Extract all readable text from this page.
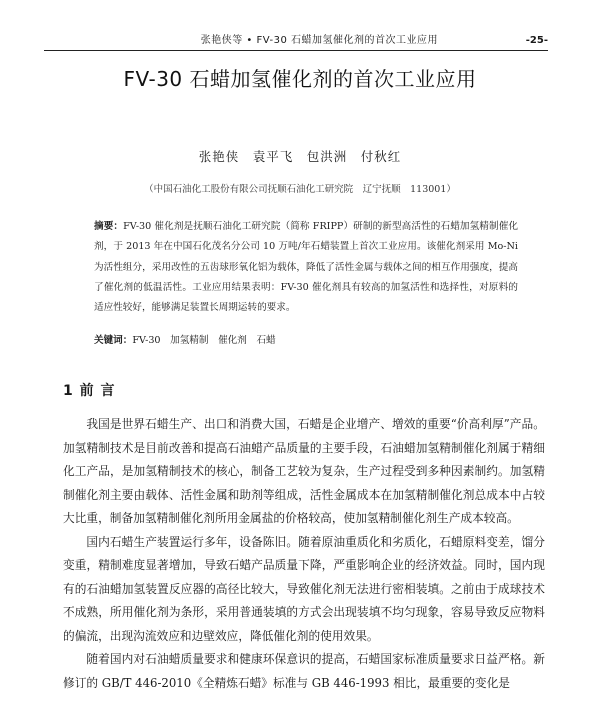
张艳侠等 • FV-30 石蜡加氢催化剂的首次工业应用	-25-
FV-30 石蜡加氢催化剂的首次工业应用
张艳侠　袁平飞　包洪洲　付秋红
（中国石油化工股份有限公司抚顺石油化工研究院　辽宁抚顺　113001）
摘要：FV-30 催化剂是抚顺石油化工研究院（简称 FRIPP）研制的新型高活性的石蜡加氢精制催化剂，于 2013 年在中国石化茂名分公司 10 万吨/年石蜡装置上首次工业应用。该催化剂采用 Mo-Ni 为活性组分，采用改性的五齿球形氧化铝为载体，降低了活性金属与载体之间的相互作用强度，提高了催化剂的低温活性。工业应用结果表明：FV-30 催化剂具有较高的加氢活性和选择性，对原料的适应性较好，能够满足装置长周期运转的要求。
关键词：FV-30　加氢精制　催化剂　石蜡
1 前 言

我国是世界石蜡生产、出口和消费大国，石蜡是企业增产、增效的重要“价高利厚”产品。加氢精制技术是目前改善和提高石油蜡产品质量的主要手段，石油蜡加氢精制催化剂属于精细化工产品，是加氢精制技术的核心，制备工艺较为复杂，生产过程受到多种因素制约。加氢精制催化剂主要由载体、活性金属和助剂等组成，活性金属成本在加氢精制催化剂总成本中占较大比重，制备加氢精制催化剂所用金属盐的价格较高，使加氢精制催化剂生产成本较高。

国内石蜡生产装置运行多年，设备陈旧。随着原油重质化和劣质化，石蜡原料变差，馏分变重，精制难度显著增加，导致石蜡产品质量下降，严重影响企业的经济效益。同时，国内现有的石油蜡加氢装置反应器的高径比较大，导致催化剂无法进行密相装填。之前由于成球技术不成熟，所用催化剂为条形，采用普通装填的方式会出现装填不均匀现象，容易导致反应物料的偏流，出现沟流效应和边壁效应，降低催化剂的使用效果。

随着国内对石油蜡质量要求和健康环保意识的提高，石蜡国家标准质量要求日益严格。新修订的 GB/T 446-2010《全精炼石蜡》标准与 GB 446-1993 相比，最重要的变化是
